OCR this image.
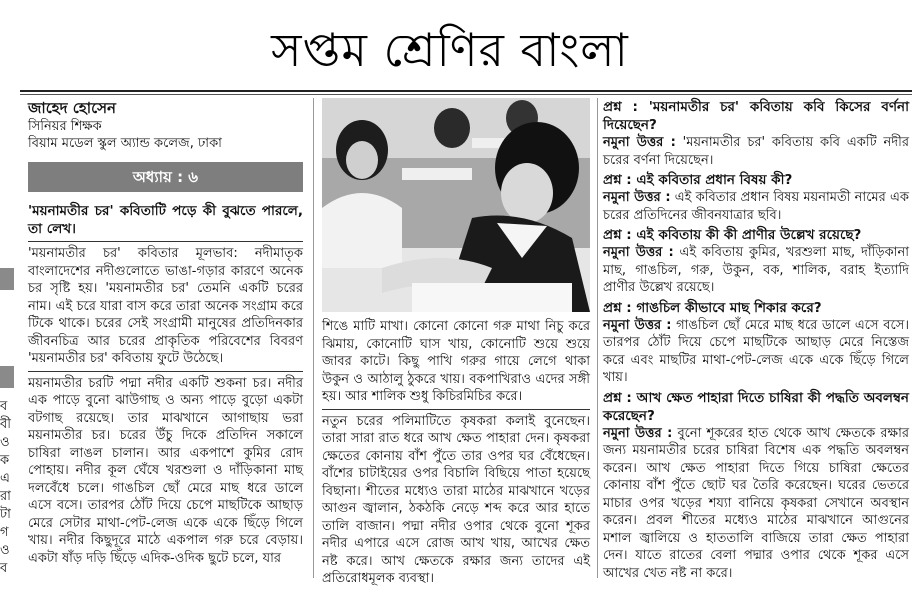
সপ্তম শ্রেণির বাংলা
ব
বী
ও
ক
এ
রা
টা
গ
ও
ব
জাহেদ হোসেন
সিনিয়র শিক্ষক
বিয়াম মডেল স্কুল অ্যান্ড কলেজ, ঢাকা
অধ্যায় : ৬

'ময়নামতীর চর' কবিতাটি পড়ে কী বুঝতে পারলে, তা লেখ।

'ময়নামতীর চর' কবিতার মূলভাব: নদীমাতৃক বাংলাদেশের নদীগুলোতে ভাঙা-গড়ার কারণে অনেক চর সৃষ্টি হয়। 'ময়নামতীর চর' তেমনি একটি চরের নাম। এই চরে যারা বাস করে তারা অনেক সংগ্রাম করে টিকে থাকে। চরের সেই সংগ্রামী মানুষের প্রতিদিনকার জীবনচিত্র আর চরের প্রাকৃতিক পরিবেশের বিবরণ 'ময়নামতীর চর' কবিতায় ফুটে উঠেছে।

ময়নামতীর চরটি পদ্মা নদীর একটি শুকনা চর। নদীর এক পাড়ে বুনো ঝাউগাছ ও অন্য পাড়ে বুড়ো একটা বটগাছ রয়েছে। তার মাঝখানে আগাছায় ভরা ময়নামতীর চর। চরের উঁচু দিকে প্রতিদিন সকালে চাষিরা লাঙল চালান। আর একপাশে কুমির রোদ পোহায়। নদীর কূল ঘেঁষে খরশুলা ও দাঁড়িকানা মাছ দলবেঁধে চলে। গাঙচিল ছোঁ মেরে মাছ ধরে ডালে এসে বসে। তারপর ঠোঁট দিয়ে চেপে মাছটিকে আছাড় মেরে সেটার মাথা-পেট-লেজ একে একে ছিঁড়ে গিলে খায়। নদীর কিছুদূরে মাঠে একপাল গরু চরে বেড়ায়। একটা ষাঁড় দড়ি ছিঁড়ে এদিক-ওদিক ছুটে চলে, যার

শিঙে মাটি মাখা। কোনো কোনো গরু মাথা নিচু করে ঝিমায়, কোনোটি ঘাস খায়, কোনোটি শুয়ে শুয়ে জাবর কাটে। কিছু পাখি গরুর গায়ে লেগে থাকা উকুন ও আঠালু ঠুকরে খায়। বকপাখিরাও এদের সঙ্গী হয়। আর শালিক শুধু কিচিরমিচির করে।

নতুন চরের পলিমাটিতে কৃষকরা কলাই বুনেছেন। তারা সারা রাত ধরে আখ ক্ষেত পাহারা দেন। কৃষকরা ক্ষেতের কোনায় বাঁশ পুঁতে তার ওপর ঘর বেঁধেছেন। বাঁশের চাটাইয়ের ওপর বিচালি বিছিয়ে পাতা হয়েছে বিছানা। শীতের মধ্যেও তারা মাঠের মাঝখানে খড়ের আগুন জ্বালান, ঠকঠকি নেড়ে শব্দ করে আর হাতে তালি বাজান। পদ্মা নদীর ওপার থেকে বুনো শূকর নদীর এপারে এসে রোজ আখ খায়, আখের ক্ষেত নষ্ট করে। আখ ক্ষেতকে রক্ষার জন্য তাদের এই প্রতিরোধমূলক ব্যবস্থা।

প্রশ্ন : 'ময়নামতীর চর' কবিতায় কবি কিসের বর্ণনা দিয়েছেন?

নমুনা উত্তর : 'ময়নামতীর চর' কবিতায় কবি একটি নদীর চরের বর্ণনা দিয়েছেন।

প্রশ্ন : এই কবিতার প্রধান বিষয় কী?

নমুনা উত্তর : এই কবিতার প্রধান বিষয় ময়নামতী নামের এক চরের প্রতিদিনের জীবনযাত্রার ছবি।

প্রশ্ন : এই কবিতায় কী কী প্রাণীর উল্লেখ রয়েছে?

নমুনা উত্তর : এই কবিতায় কুমির, খরশুলা মাছ, দাঁড়িকানা মাছ, গাঙচিল, গরু, উকুন, বক, শালিক, বরাহ ইত্যাদি প্রাণীর উল্লেখ রয়েছে।

প্রশ্ন : গাঙচিল কীভাবে মাছ শিকার করে?

নমুনা উত্তর : গাঙচিল ছোঁ মেরে মাছ ধরে ডালে এসে বসে। তারপর ঠোঁট দিয়ে চেপে মাছটিকে আছাড় মেরে নিস্তেজ করে এবং মাছটির মাথা-পেট-লেজ একে একে ছিঁড়ে গিলে খায়।

প্রশ্ন : আখ ক্ষেত পাহারা দিতে চাষিরা কী পদ্ধতি অবলম্বন করেছেন?

নমুনা উত্তর : বুনো শূকরের হাত থেকে আখ ক্ষেতকে রক্ষার জন্য ময়নামতীর চরের চাষিরা বিশেষ এক পদ্ধতি অবলম্বন করেন। আখ ক্ষেত পাহারা দিতে গিয়ে চাষিরা ক্ষেতের কোনায় বাঁশ পুঁতে ছোট ঘর তৈরি করেছেন। ঘরের ভেতরে মাচার ওপর খড়ের শয্যা বানিয়ে কৃষকরা সেখানে অবস্থান করেন। প্রবল শীতের মধ্যেও মাঠের মাঝখানে আগুনের মশাল জ্বালিয়ে ও হাততালি বাজিয়ে তারা ক্ষেত পাহারা দেন। যাতে রাতের বেলা পদ্মার ওপার থেকে শূকর এসে আখের খেত নষ্ট না করে।
